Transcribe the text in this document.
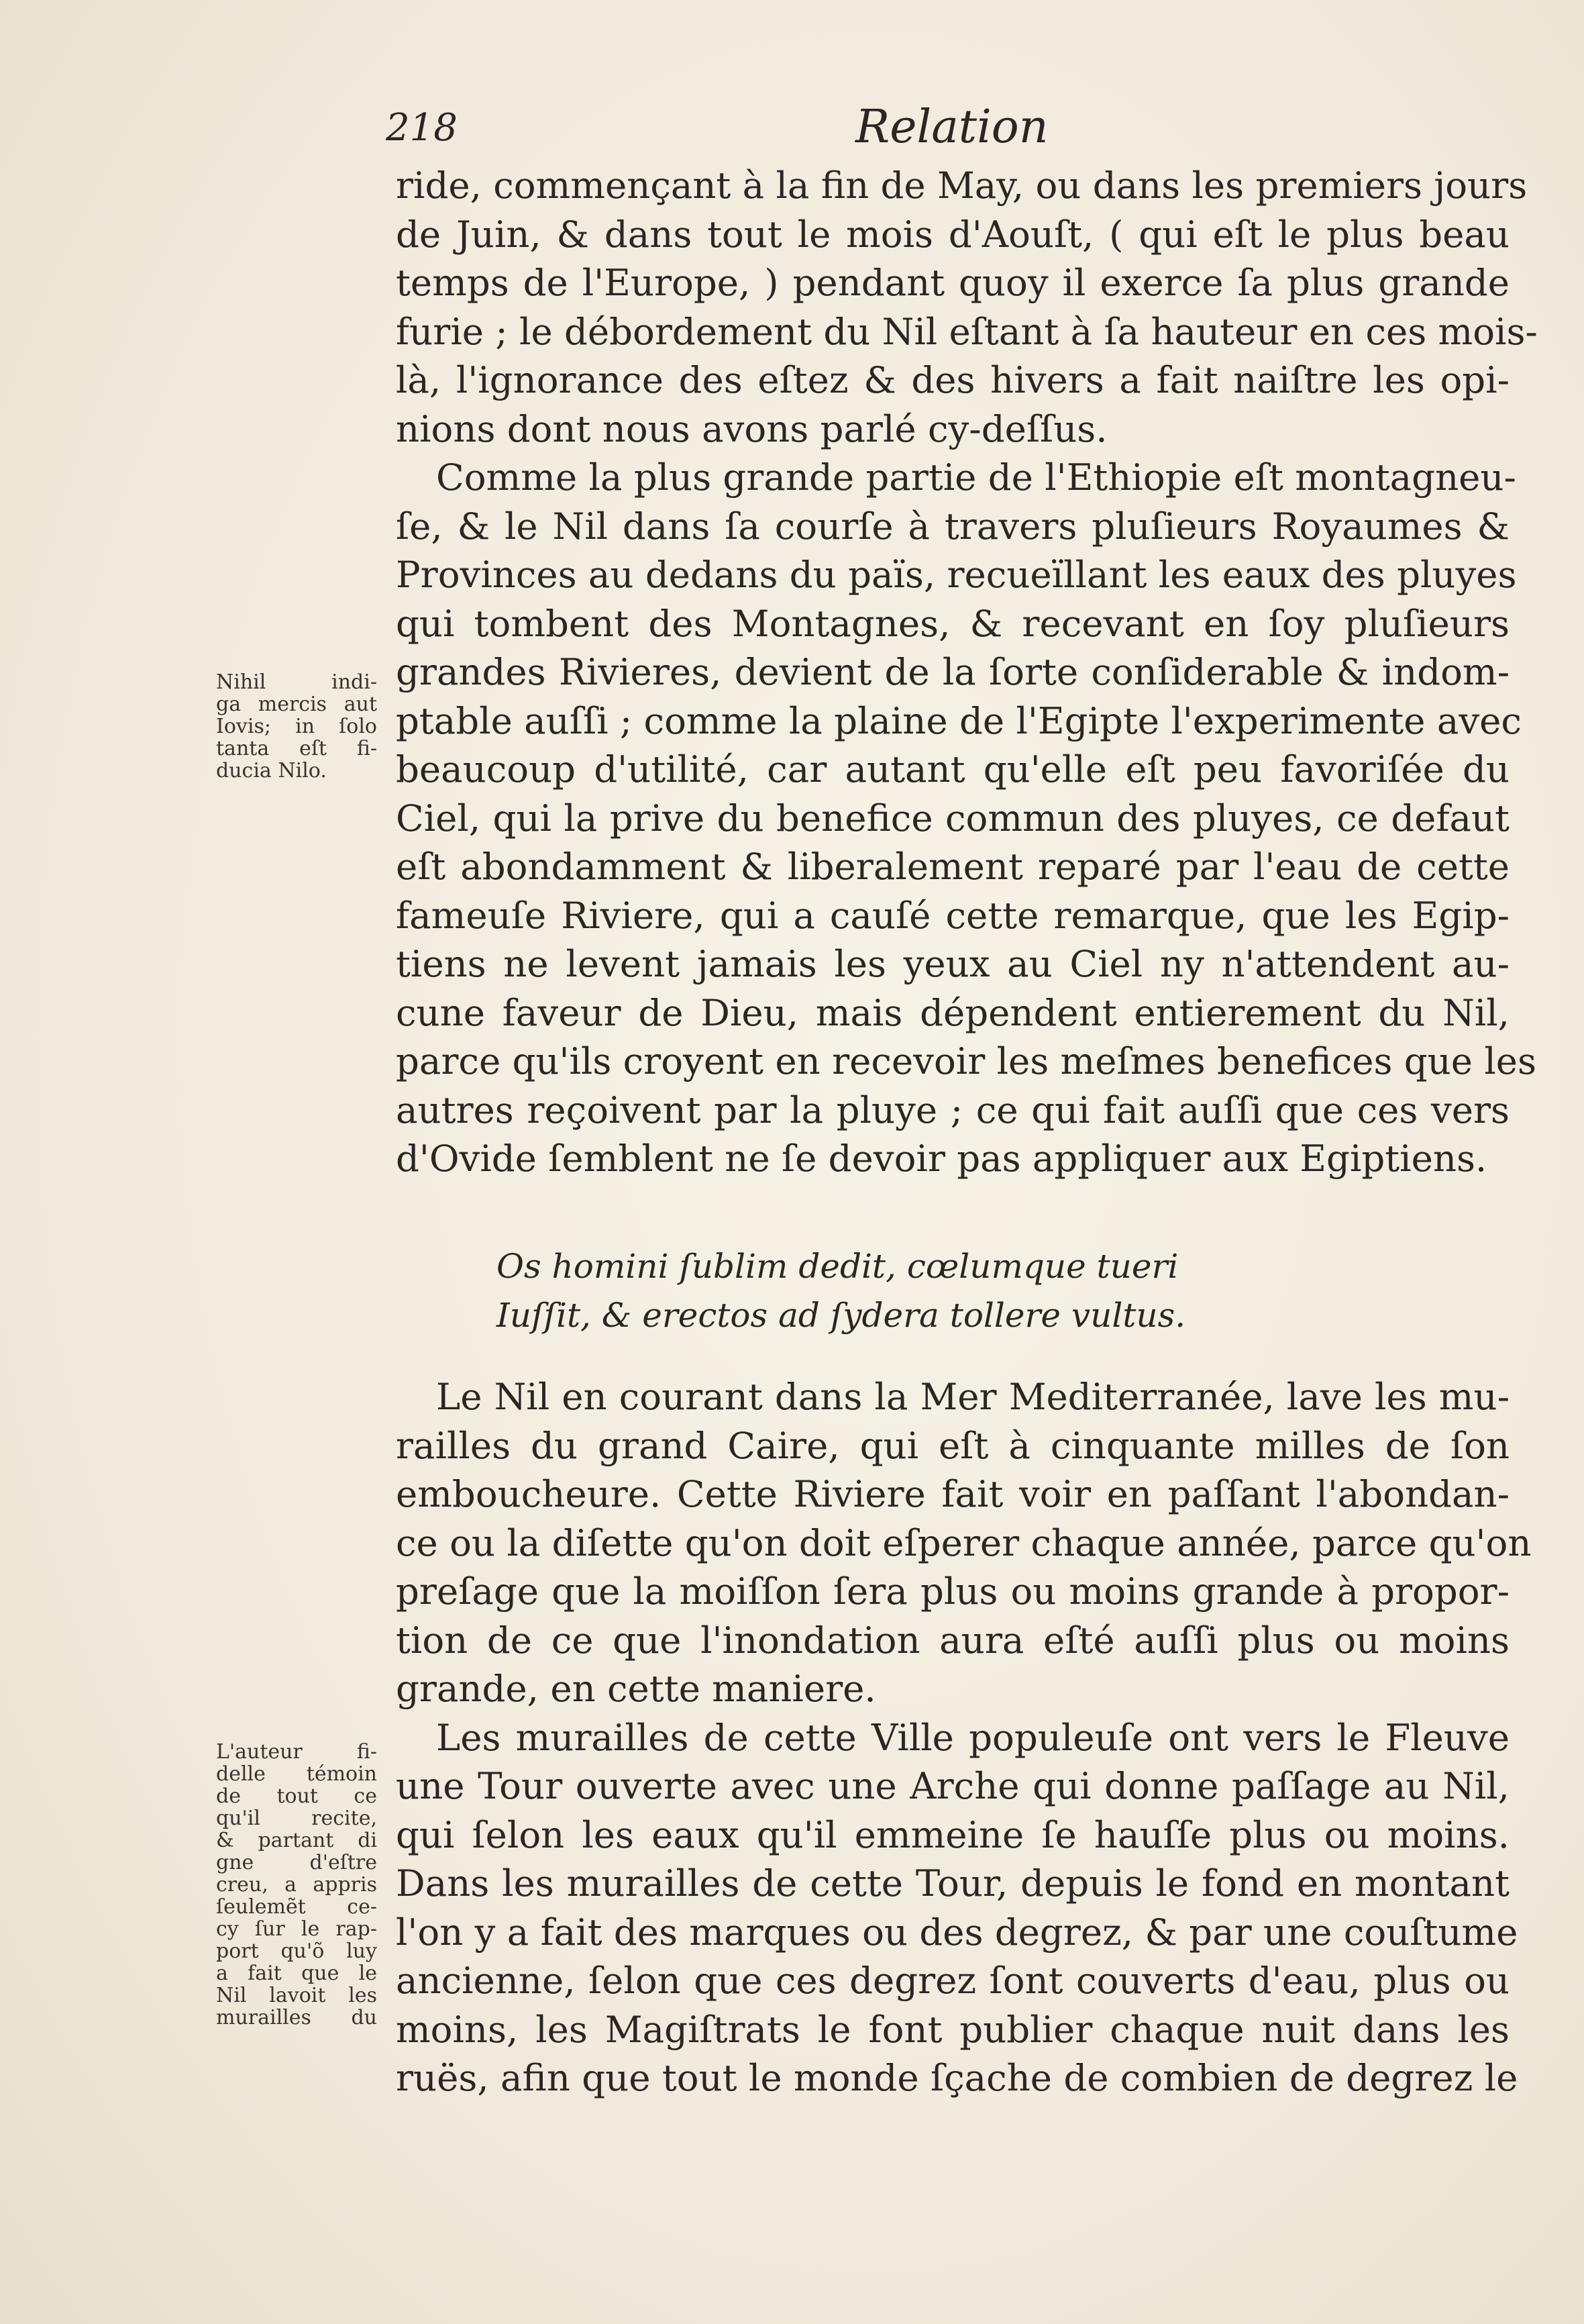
218	Relation
ride, commençant à la fin de May, ou dans les premiers jours
de Juin, & dans tout le mois d'Aouſt, ( qui eſt le plus beau
temps de l'Europe, ) pendant quoy il exerce ſa plus grande
furie ; le débordement du Nil eſtant à ſa hauteur en ces mois-
là, l'ignorance des eſtez & des hivers a fait naiſtre les opi-
nions dont nous avons parlé cy-deſſus.
Comme la plus grande partie de l'Ethiopie eſt montagneu-
ſe, & le Nil dans ſa courſe à travers pluſieurs Royaumes &
Provinces au dedans du païs, recueïllant les eaux des pluyes
qui tombent des Montagnes, & recevant en ſoy pluſieurs
grandes Rivieres, devient de la ſorte conſiderable & indom-
ptable auſſi ; comme la plaine de l'Egipte l'experimente avec
beaucoup d'utilité, car autant qu'elle eſt peu favoriſée du
Ciel, qui la prive du benefice commun des pluyes, ce defaut
eſt abondamment & liberalement reparé par l'eau de cette
fameuſe Riviere, qui a cauſé cette remarque, que les Egip-
tiens ne levent jamais les yeux au Ciel ny n'attendent au-
cune faveur de Dieu, mais dépendent entierement du Nil,
parce qu'ils croyent en recevoir les meſmes benefices que les
autres reçoivent par la pluye ; ce qui fait auſſi que ces vers
d'Ovide ſemblent ne ſe devoir pas appliquer aux Egiptiens.
Os homini ſublim dedit, cœlumque tueri
Iuſſit, & erectos ad ſydera tollere vultus.
Le Nil en courant dans la Mer Mediterranée, lave les mu-
railles du grand Caire, qui eſt à cinquante milles de ſon
emboucheure. Cette Riviere fait voir en paſſant l'abondan-
ce ou la diſette qu'on doit eſperer chaque année, parce qu'on
preſage que la moiſſon ſera plus ou moins grande à propor-
tion de ce que l'inondation aura eſté auſſi plus ou moins
grande, en cette maniere.
Les murailles de cette Ville populeuſe ont vers le Fleuve
une Tour ouverte avec une Arche qui donne paſſage au Nil,
qui ſelon les eaux qu'il emmeine ſe hauſſe plus ou moins.
Dans les murailles de cette Tour, depuis le fond en montant
l'on y a fait des marques ou des degrez, & par une couſtume
ancienne, ſelon que ces degrez ſont couverts d'eau, plus ou
moins, les Magiſtrats le font publier chaque nuit dans les
ruës, afin que tout le monde ſçache de combien de degrez le
Nihil indi-
ga mercis aut
Iovis; in ſolo
tanta eſt fi-
ducia Nilo.
L'auteur fi-
delle témoin
de tout ce
qu'il recite,
& partant di
gne d'eſtre
creu, a appris
ſeulemẽt ce-
cy ſur le rap-
port qu'õ luy
a fait que le
Nil lavoit les
murailles du
